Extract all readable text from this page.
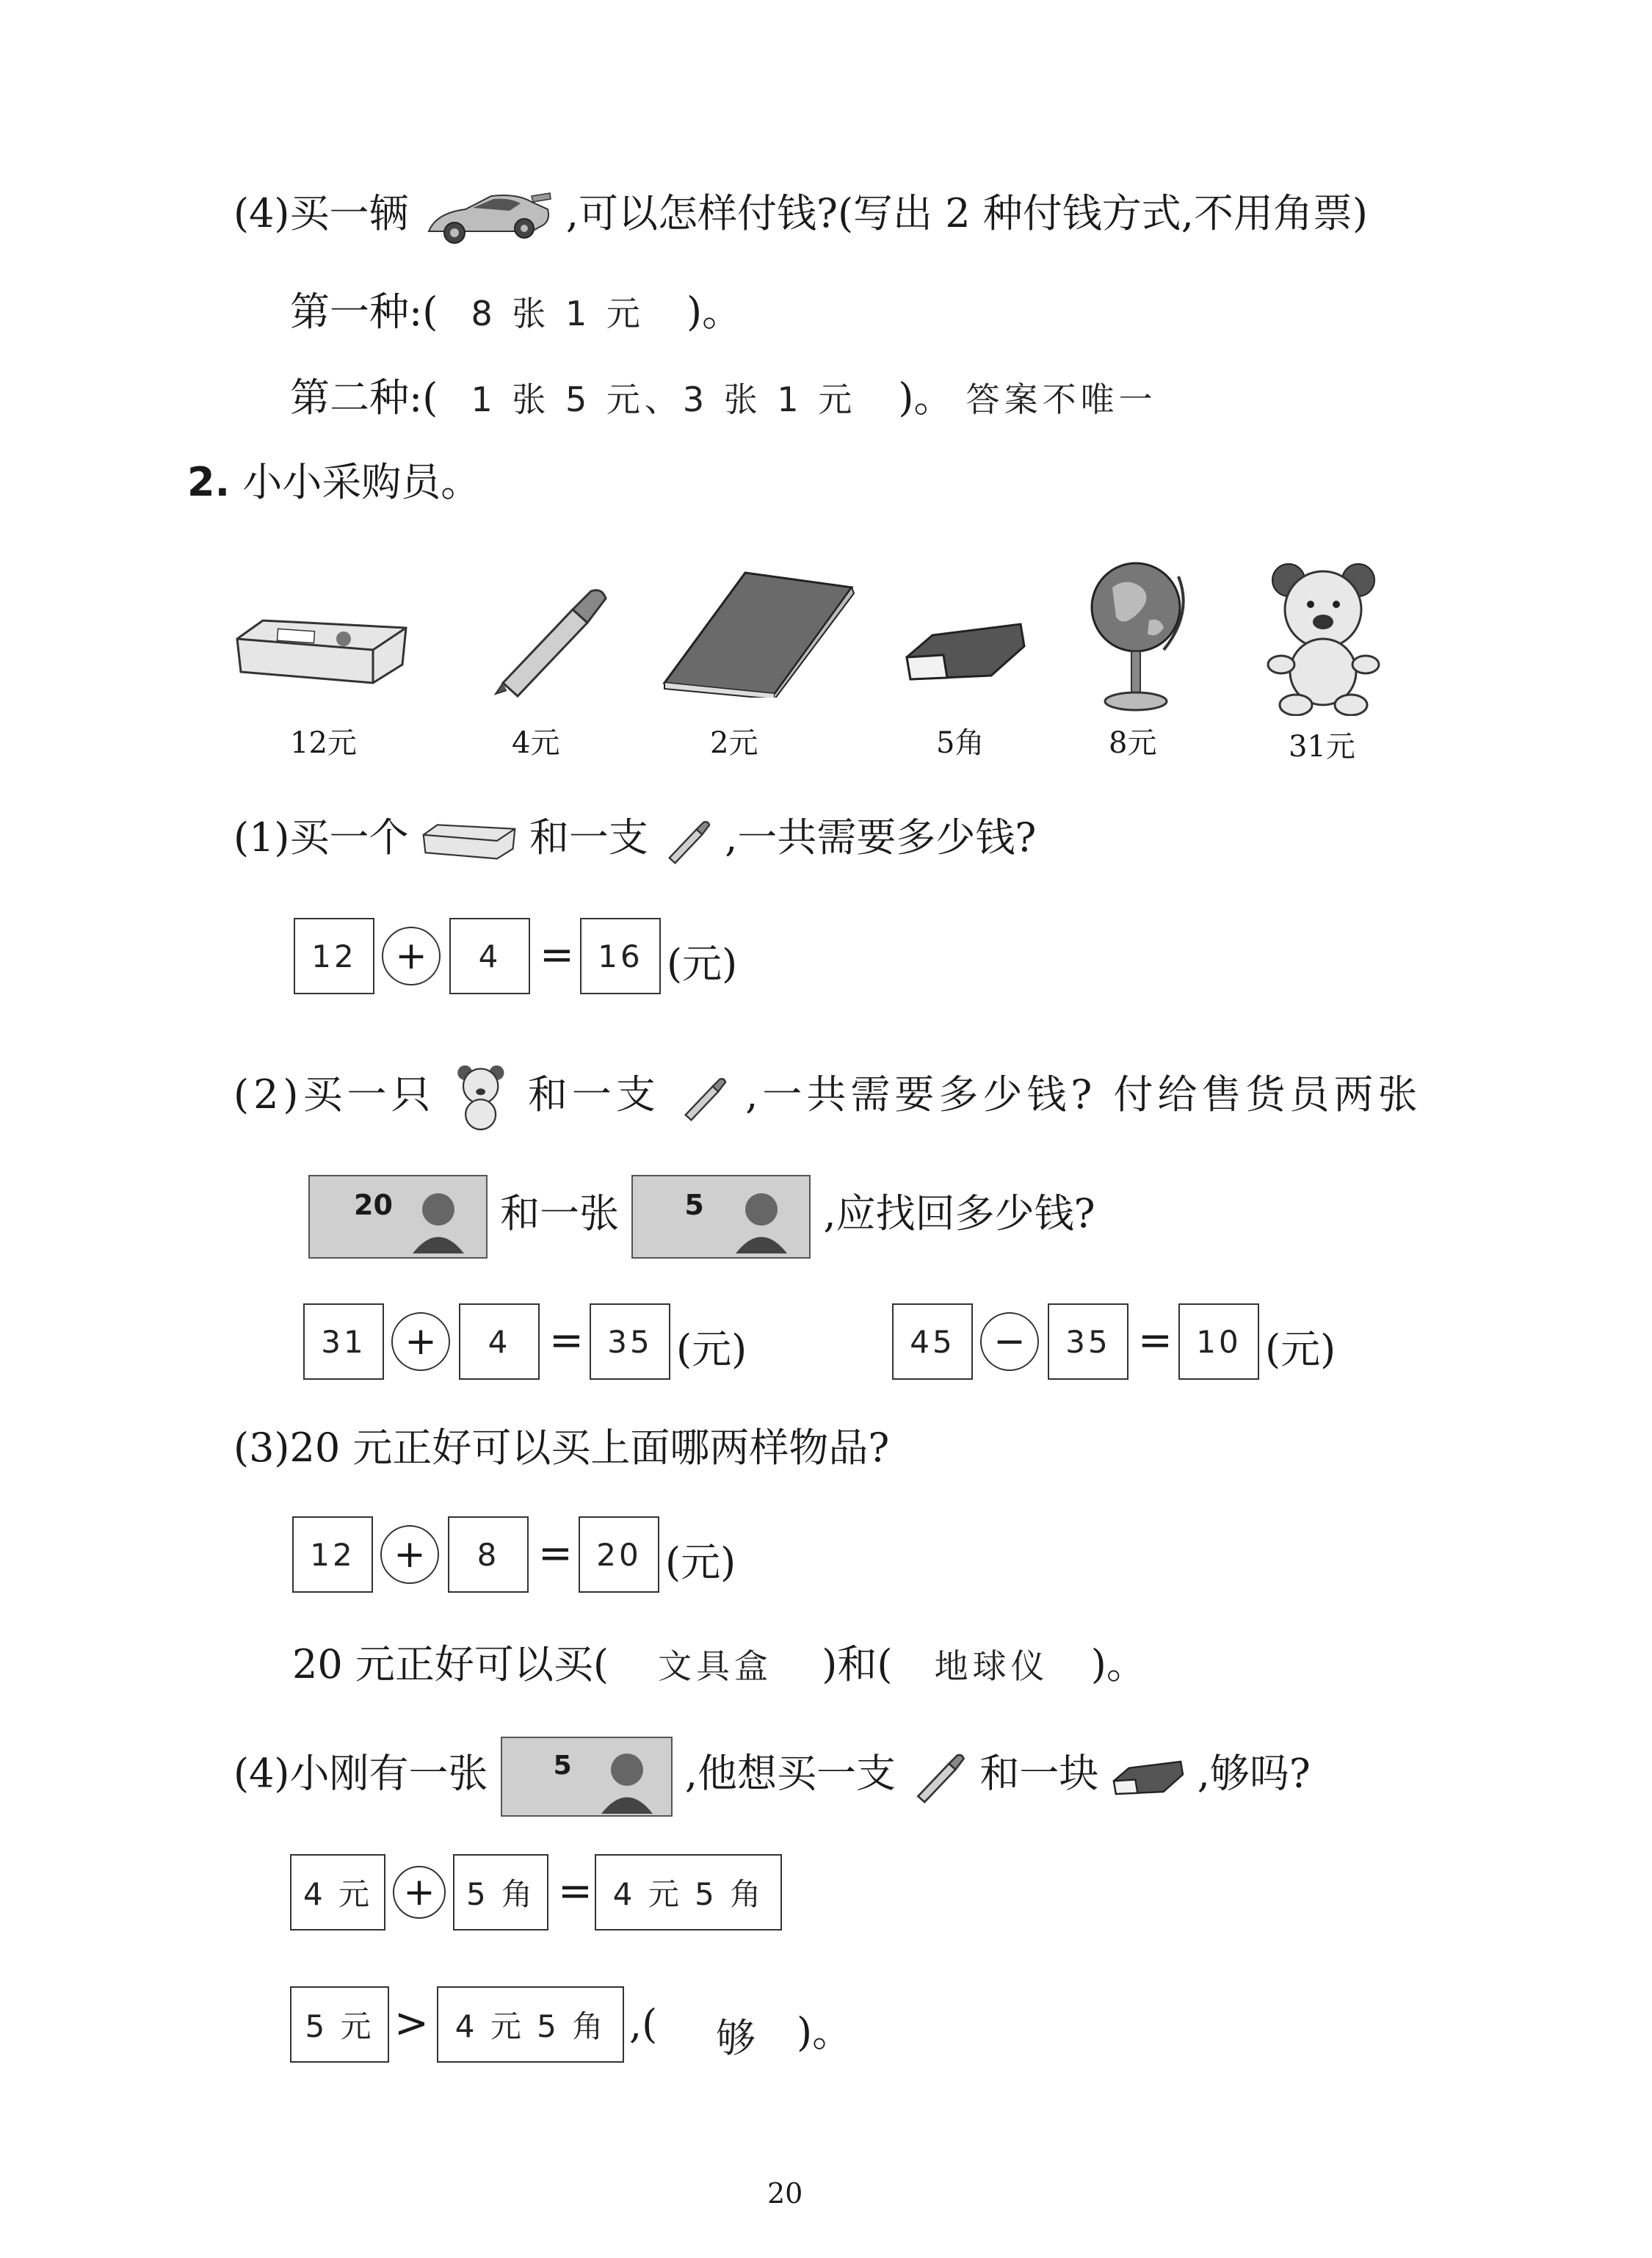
(4)买一辆	,可以怎样付钱?(写出 2 种付钱方式,不用角票)
第一种:( 8 张 1 元 )。
第二种:( 1 张 5 元、3 张 1 元 )。 答案不唯一
2. 小小采购员。
12元	4元	2元	5角	8元	31元
(1)买一个	和一支 ,一共需要多少钱?
12	+	4 = 16 (元)
(2)买一只 和一支 ,一共需要多少钱? 付给售货员两张
20	和一张 5	,应找回多少钱?
31	+	4 = 35 (元)	45	−	35 = 10 (元)
(3)20 元正好可以买上面哪两样物品?
12	+	8 = 20 (元)
20 元正好可以买( 文具盒 )和( 地球仪 )。
(4)小刚有一张 5	,他想买一支 和一块 ,够吗?
4 元 +	5 角 = 4 元 5 角
5 元 > 4 元 5 角 ,( 够 )。
20
